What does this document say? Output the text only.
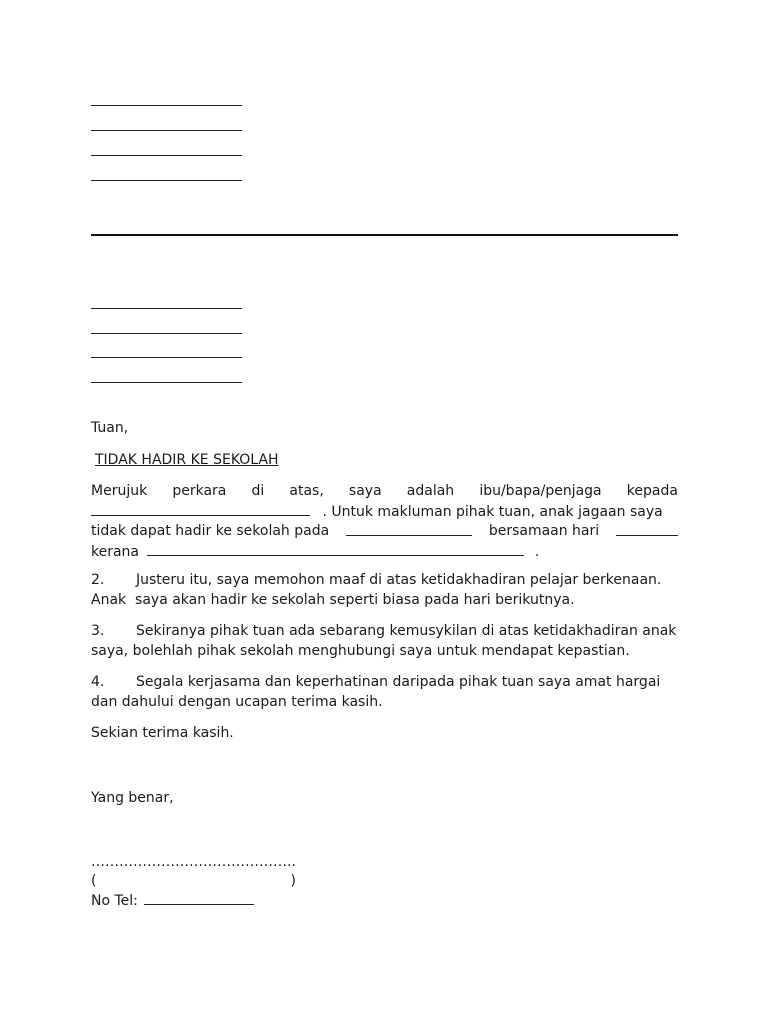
Tuan,
TIDAK HADIR KE SEKOLAH
Merujuk perkara di atas, saya adalah ibu/bapa/penjaga kepada
. Untuk makluman pihak tuan, anak jagaan saya
tidak dapat hadir ke sekolah pada	bersamaan hari
kerana	.
2. Justeru itu, saya memohon maaf di atas ketidakhadiran pelajar berkenaan.
Anak  saya akan hadir ke sekolah seperti biasa pada hari berikutnya.
3. Sekiranya pihak tuan ada sebarang kemusykilan di atas ketidakhadiran anak
saya, bolehlah pihak sekolah menghubungi saya untuk mendapat kepastian.
4. Segala kerjasama dan keperhatinan daripada pihak tuan saya amat hargai
dan dahului dengan ucapan terima kasih.
Sekian terima kasih.
Yang benar,
……………………………………..
(	)
No Tel:
